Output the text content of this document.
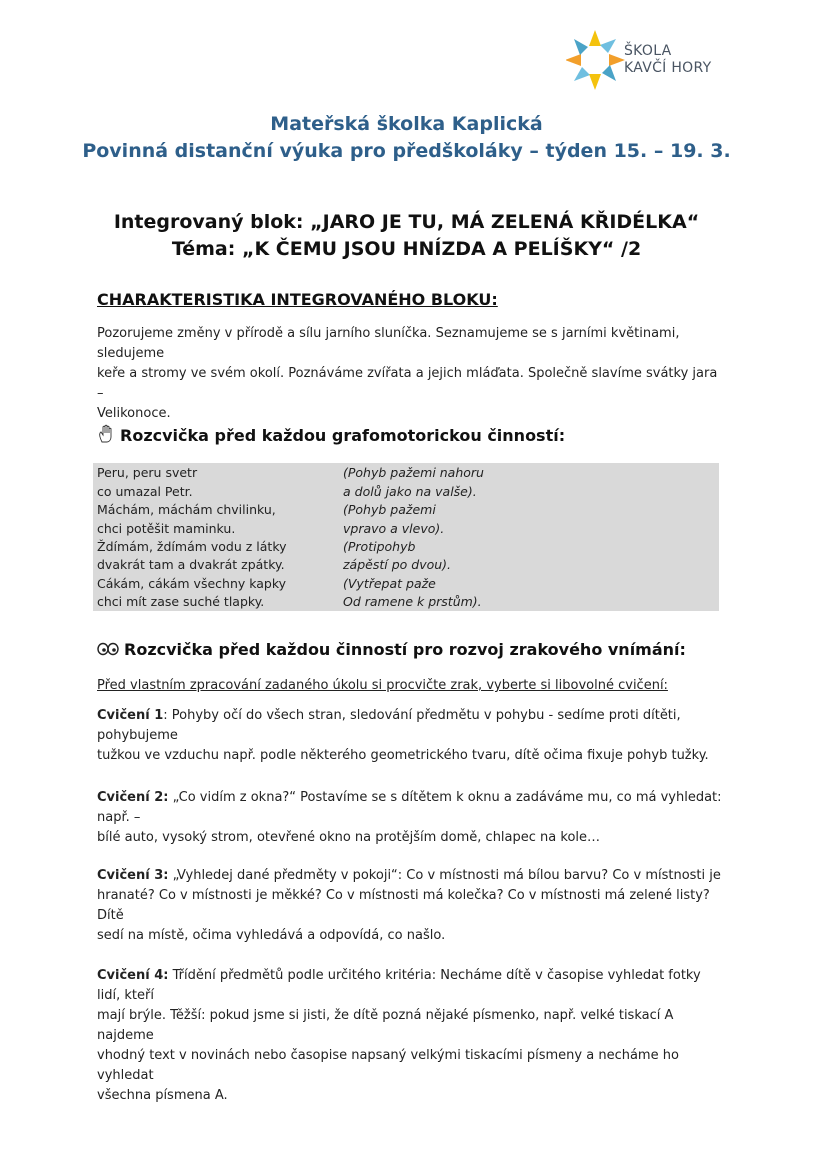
ŠKOLA
KAVČÍ HORY
Mateřská školka Kaplická
Povinná distanční výuka pro předškoláky – týden 15. – 19. 3.
Integrovaný blok: „JARO JE TU, MÁ ZELENÁ KŘIDÉLKA“
Téma: „K ČEMU JSOU HNÍZDA A PELÍŠKY“ /2
CHARAKTERISTIKA INTEGROVANÉHO BLOKU:
Pozorujeme změny v přírodě a sílu jarního sluníčka. Seznamujeme se s jarními květinami, sledujeme
keře a stromy ve svém okolí. Poznáváme zvířata a jejich mláďata. Společně slavíme svátky jara –
Velikonoce.
Rozcvička před každou grafomotorickou činností:
Peru, peru svetr	(Pohyb pažemi nahoru
co umazal Petr.	a dolů jako na valše).
Máchám, máchám chvilinku,	(Pohyb pažemi
chci potěšit maminku.	vpravo a vlevo).
Ždímám, ždímám vodu z látky	(Protipohyb
dvakrát tam a dvakrát zpátky.	zápěstí po dvou).
Cákám, cákám všechny kapky	(Vytřepat paže
chci mít zase suché tlapky.	Od ramene k prstům).
Rozcvička před každou činností pro rozvoj zrakového vnímání:
Před vlastním zpracování zadaného úkolu si procvičte zrak, vyberte si libovolné cvičení:
Cvičení 1: Pohyby očí do všech stran, sledování předmětu v pohybu - sedíme proti dítěti, pohybujeme
tužkou ve vzduchu např. podle některého geometrického tvaru, dítě očima fixuje pohyb tužky.
Cvičení 2: „Co vidím z okna?“ Postavíme se s dítětem k oknu a zadáváme mu, co má vyhledat: např. –
bílé auto, vysoký strom, otevřené okno na protějším domě, chlapec na kole…
Cvičení 3: „Vyhledej dané předměty v pokoji“: Co v místnosti má bílou barvu? Co v místnosti je
hranaté? Co v místnosti je měkké? Co v místnosti má kolečka? Co v místnosti má zelené listy? Dítě
sedí na místě, očima vyhledává a odpovídá, co našlo.
Cvičení 4: Třídění předmětů podle určitého kritéria: Necháme dítě v časopise vyhledat fotky lidí, kteří
mají brýle. Těžší: pokud jsme si jisti, že dítě pozná nějaké písmenko, např. velké tiskací A najdeme
vhodný text v novinách nebo časopise napsaný velkými tiskacími písmeny a necháme ho vyhledat
všechna písmena A.
